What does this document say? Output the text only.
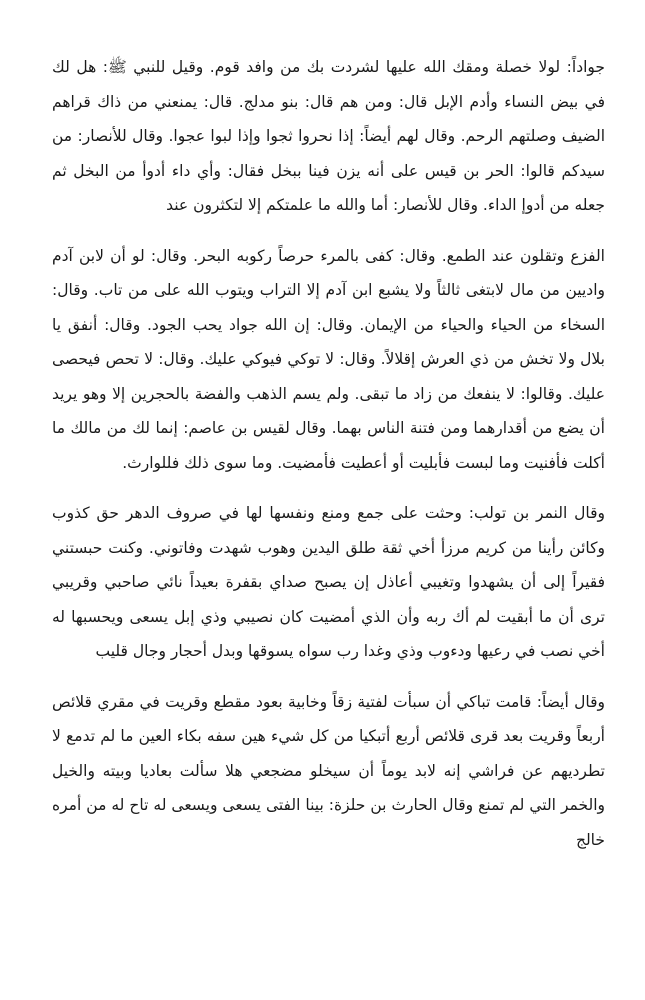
جواداً: لولا خصلة ومقك الله عليها لشردت بك من وافد قوم. وقيل للنبي ﷺ: هل لك في بيض النساء وأدم الإبل قال: ومن هم قال: بنو مدلج. قال: يمنعني من ذاك قراهم الضيف وصلتهم الرحم. وقال لهم أيضاً: إذا نحروا ثجوا وإذا لبوا عجوا. وقال للأنصار: من سيدكم قالوا: الحر بن قيس على أنه يزن فينا ببخل فقال: وأي داء أدوأ من البخل ثم جعله من أدوإ الداء. وقال للأنصار: أما والله ما علمتكم إلا لتكثرون عند

الفزع وتقلون عند الطمع. وقال: كفى بالمرء حرصاً ركوبه البحر. وقال: لو أن لابن آدم واديين من مال لابتغى ثالثاً ولا يشبع ابن آدم إلا التراب ويتوب الله على من تاب. وقال: السخاء من الحياء والحياء من الإيمان. وقال: إن الله جواد يحب الجود. وقال: أنفق يا بلال ولا تخش من ذي العرش إقلالاً. وقال: لا توكي فيوكي عليك. وقال: لا تحص فيحصى عليك. وقالوا: لا ينفعك من زاد ما تبقى. ولم يسم الذهب والفضة بالحجرين إلا وهو يريد أن يضع من أقدارهما ومن فتنة الناس بهما. وقال لقيس بن عاصم: إنما لك من مالك ما أكلت فأفنيت وما لبست فأبليت أو أعطيت فأمضيت. وما سوى ذلك فللوارث.

وقال النمر بن تولب: وحثت على جمع ومنع ونفسها لها في صروف الدهر حق كذوب وكائن رأينا من كريم مرزأ أخي ثقة طلق اليدين وهوب شهدت وفاتوني. وكنت حبستني فقيراً إلى أن يشهدوا وتغيبي أعاذل إن يصبح صداي بقفرة بعيداً نائي صاحبي وقريبي ترى أن ما أبقيت لم أك ربه وأن الذي أمضيت كان نصيبي وذي إبل يسعى ويحسبها له أخي نصب في رعيها ودءوب وذي وغدا رب سواه يسوقها وبدل أحجار وجال قليب

وقال أيضاً: قامت تباكي أن سبأت لفتية زقاً وخابية بعود مقطع وقريت في مقري قلائص أربعاً وقريت بعد قرى قلائص أربع أتبكيا من كل شيء هين سفه بكاء العين ما لم تدمع لا تطرديهم عن فراشي إنه لابد يوماً أن سيخلو مضجعي هلا سألت بعاديا وبيته والخيل والخمر التي لم تمنع وقال الحارث بن حلزة: بينا الفتى يسعى ويسعى له تاح له من أمره خالج
